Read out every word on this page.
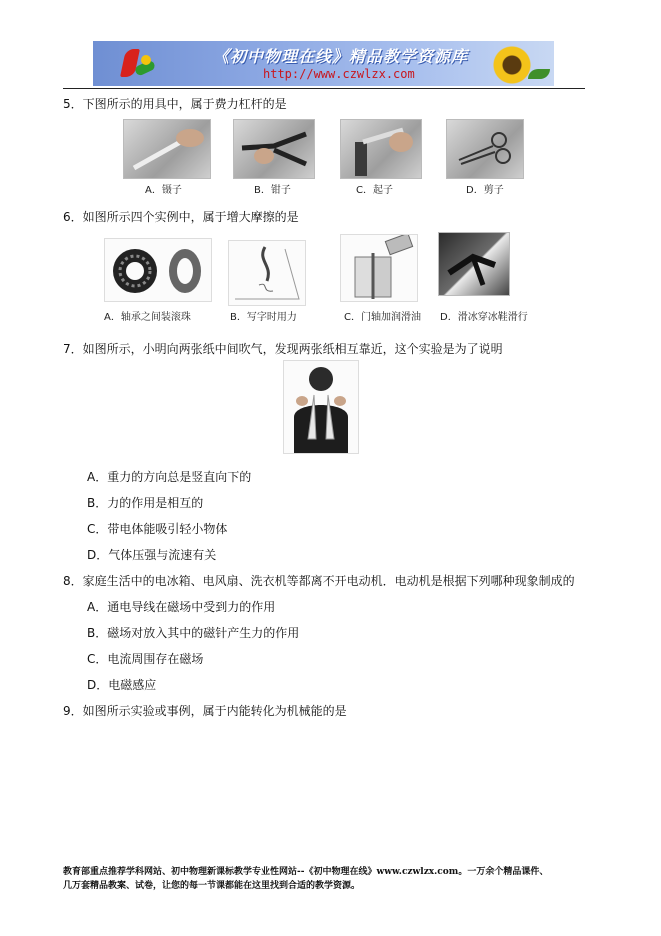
《初中物理在线》精品教学资源库
http://www.czwlzx.com
5．下图所示的用具中，属于费力杠杆的是
A．镊子	B．钳子	C．起子	D．剪子
6．如图所示四个实例中，属于增大摩擦的是
A．轴承之间装滚珠	B．写字时用力	C．门轴加润滑油 D．滑冰穿冰鞋滑行
7．如图所示，小明向两张纸中间吹气，发现两张纸相互靠近，这个实验是为了说明
A．重力的方向总是竖直向下的
B．力的作用是相互的
C．带电体能吸引轻小物体
D．气体压强与流速有关
8．家庭生活中的电冰箱、电风扇、洗衣机等都离不开电动机．电动机是根据下列哪种现象制成的
A．通电导线在磁场中受到力的作用
B．磁场对放入其中的磁针产生力的作用
C．电流周围存在磁场
D．电磁感应
9．如图所示实验或事例，属于内能转化为机械能的是
教育部重点推荐学科网站、初中物理新课标教学专业性网站--《初中物理在线》www.czwlzx.com。一万余个精品课件、
几万套精品教案、试卷，让您的每一节课都能在这里找到合适的教学资源。
